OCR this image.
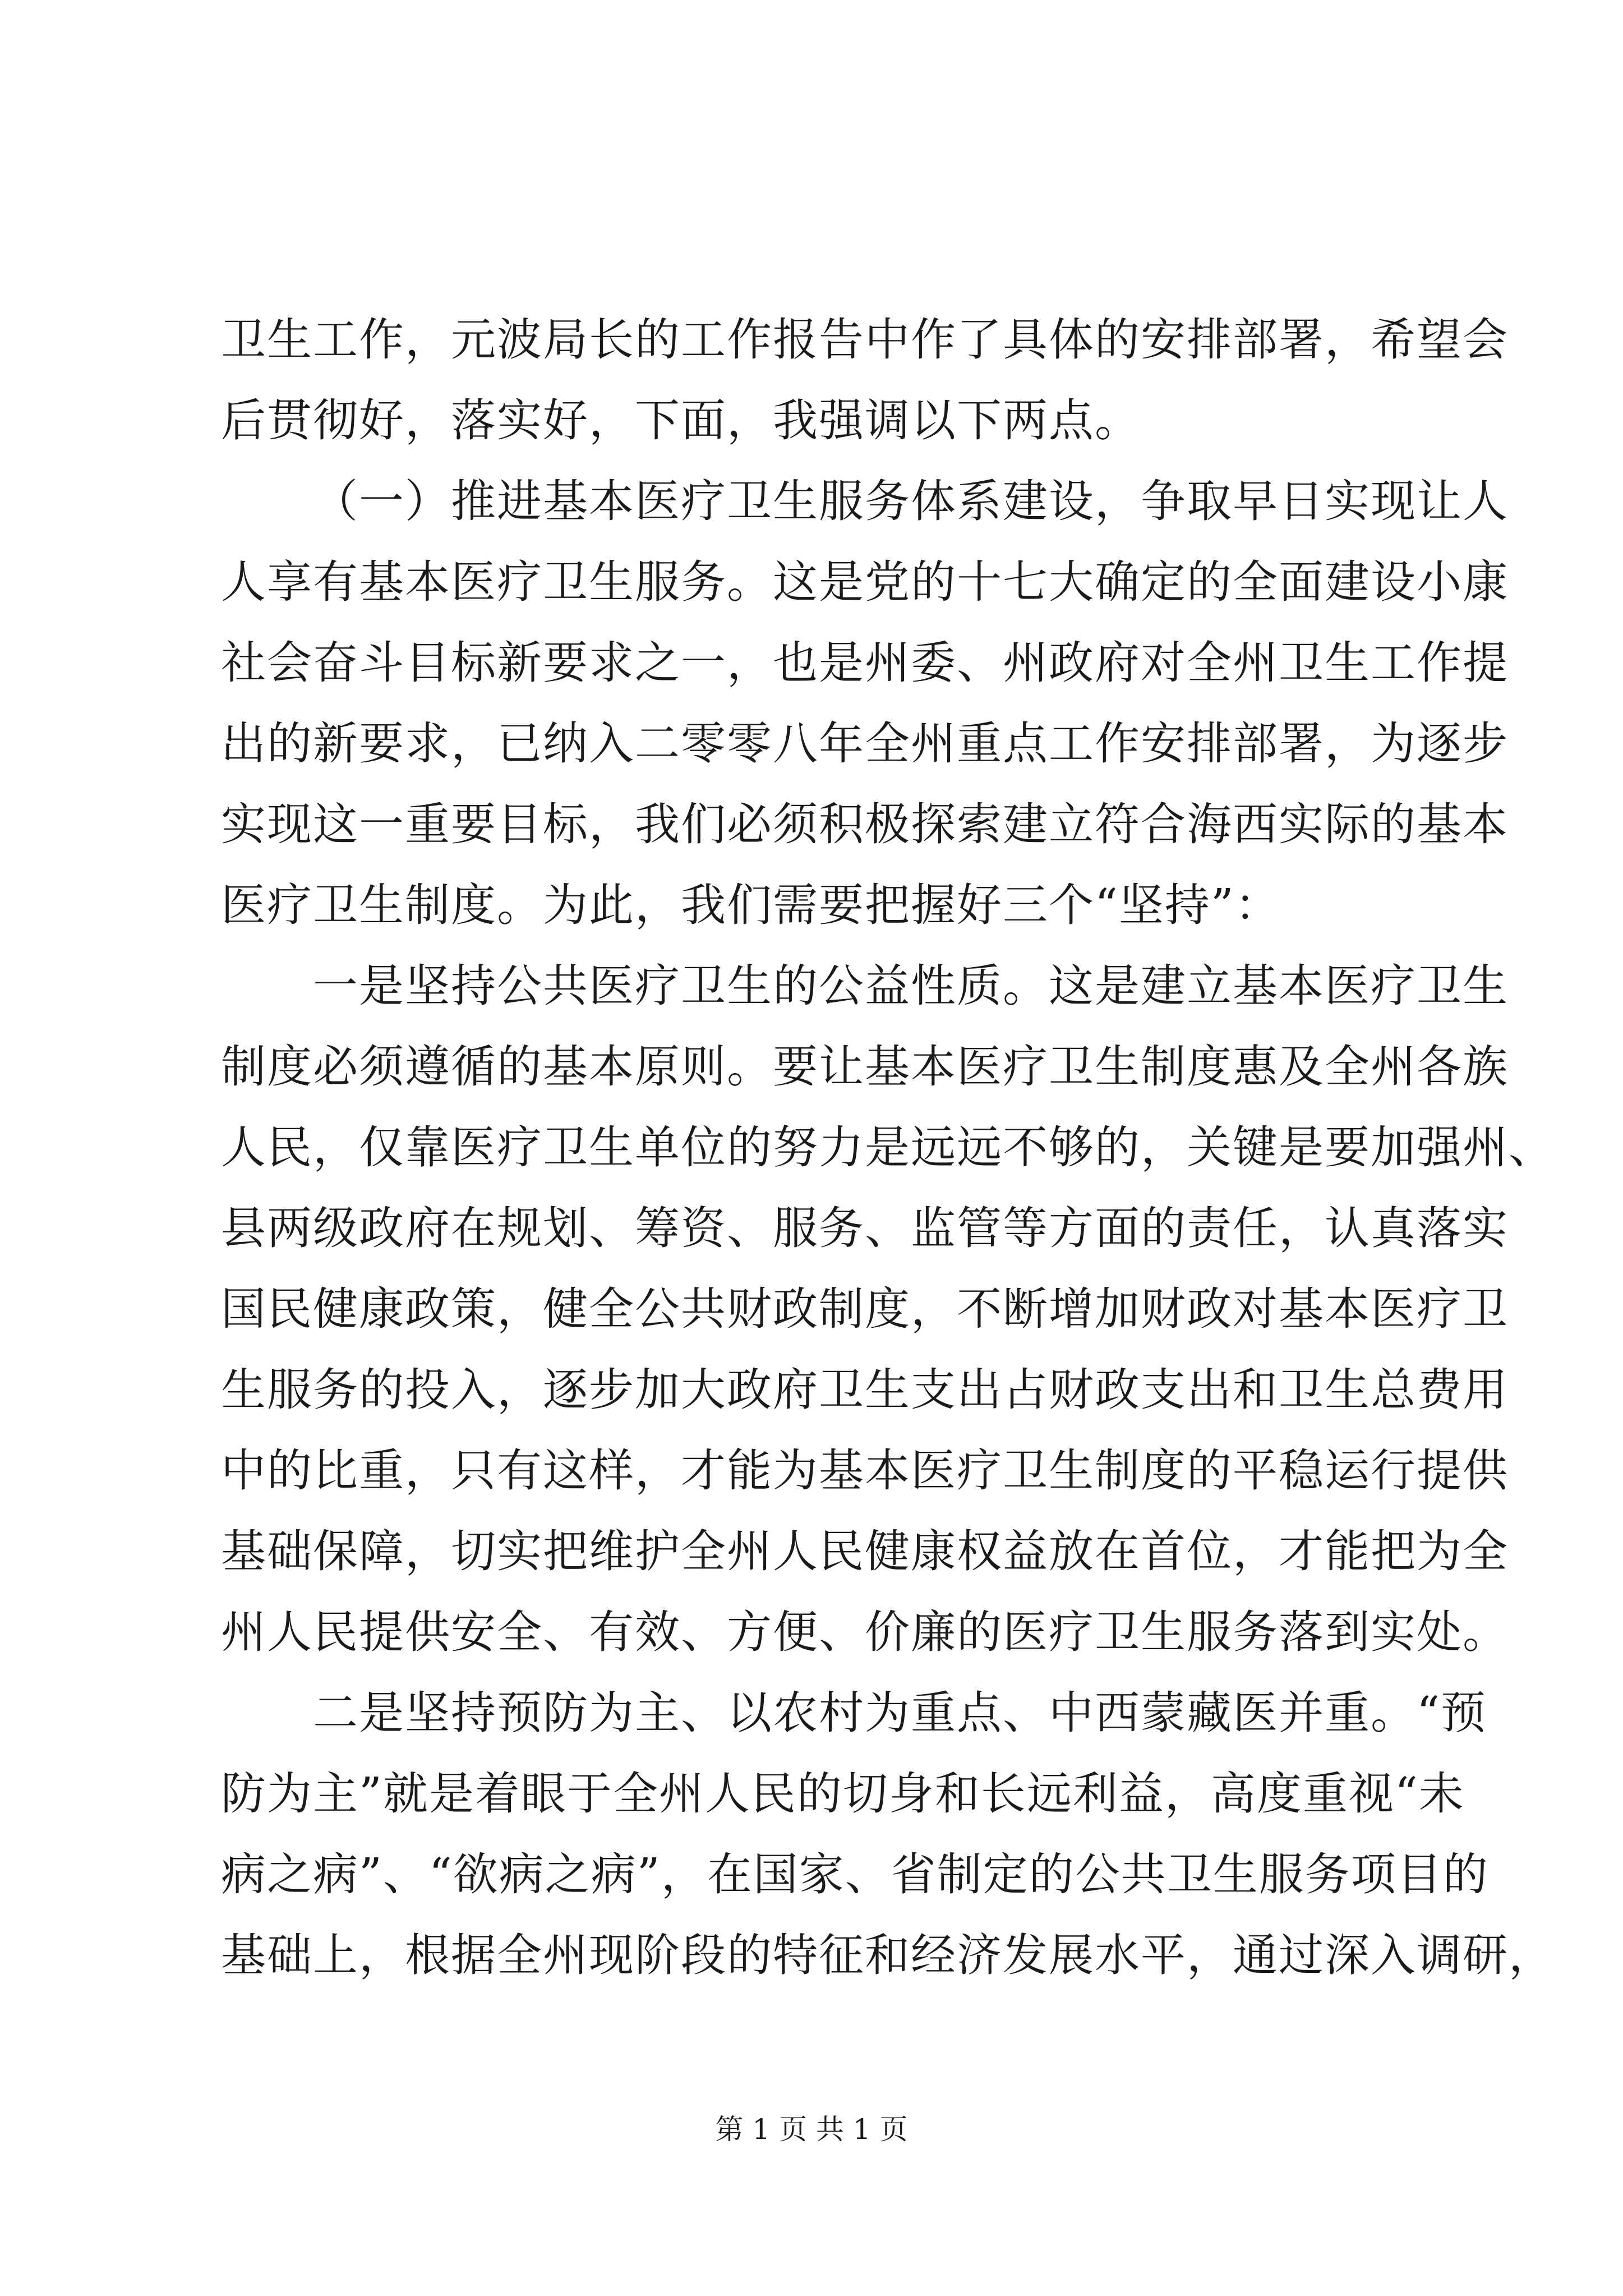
卫生工作，元波局长的工作报告中作了具体的安排部署，希望会
后贯彻好，落实好，下面，我强调以下两点。
（一）推进基本医疗卫生服务体系建设，争取早日实现让人
人享有基本医疗卫生服务。这是党的十七大确定的全面建设小康
社会奋斗目标新要求之一，也是州委、州政府对全州卫生工作提
出的新要求，已纳入二零零八年全州重点工作安排部署，为逐步
实现这一重要目标，我们必须积极探索建立符合海西实际的基本
医疗卫生制度。为此，我们需要把握好三个“坚持”：
一是坚持公共医疗卫生的公益性质。这是建立基本医疗卫生
制度必须遵循的基本原则。要让基本医疗卫生制度惠及全州各族
人民，仅靠医疗卫生单位的努力是远远不够的，关键是要加强州、
县两级政府在规划、筹资、服务、监管等方面的责任，认真落实
国民健康政策，健全公共财政制度，不断增加财政对基本医疗卫
生服务的投入，逐步加大政府卫生支出占财政支出和卫生总费用
中的比重，只有这样，才能为基本医疗卫生制度的平稳运行提供
基础保障，切实把维护全州人民健康权益放在首位，才能把为全
州人民提供安全、有效、方便、价廉的医疗卫生服务落到实处。
二是坚持预防为主、以农村为重点、中西蒙藏医并重。“预
防为主”就是着眼于全州人民的切身和长远利益，高度重视“未
病之病”、“欲病之病”，在国家、省制定的公共卫生服务项目的
基础上，根据全州现阶段的特征和经济发展水平，通过深入调研，
第 1 页 共 1 页
